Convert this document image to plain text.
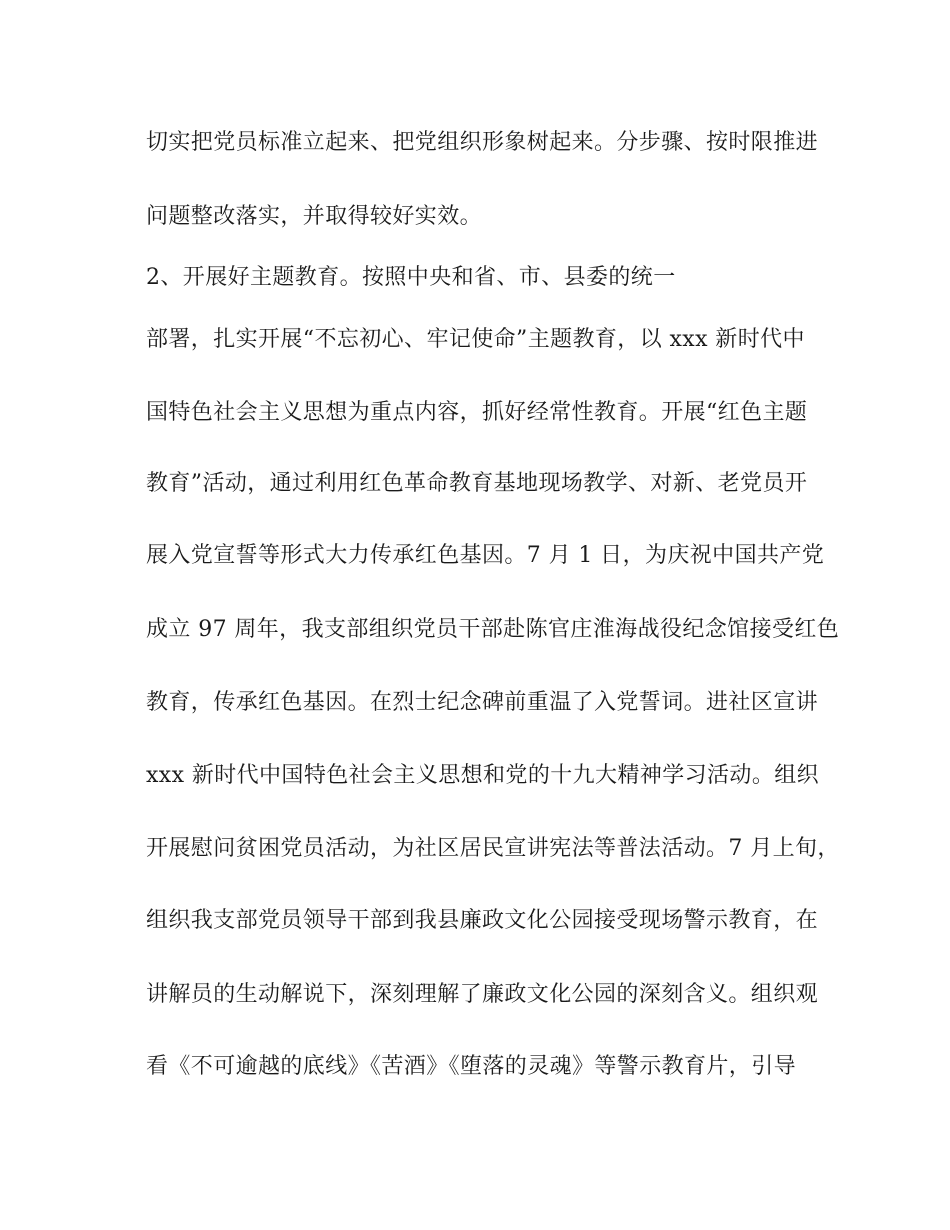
切实把党员标准立起来、把党组织形象树起来。分步骤、按时限推进

问题整改落实，并取得较好实效。

2、开展好主题教育。按照中央和省、市、县委的统一

部署，扎实开展“不忘初心、牢记使命”主题教育，以 xxx 新时代中

国特色社会主义思想为重点内容，抓好经常性教育。开展“红色主题

教育”活动，通过利用红色革命教育基地现场教学、对新、老党员开

展入党宣誓等形式大力传承红色基因。7 月 1 日，为庆祝中国共产党

成立 97 周年，我支部组织党员干部赴陈官庄淮海战役纪念馆接受红色

教育，传承红色基因。在烈士纪念碑前重温了入党誓词。进社区宣讲

xxx 新时代中国特色社会主义思想和党的十九大精神学习活动。组织

开展慰问贫困党员活动，为社区居民宣讲宪法等普法活动。7 月上旬，

组织我支部党员领导干部到我县廉政文化公园接受现场警示教育，在

讲解员的生动解说下，深刻理解了廉政文化公园的深刻含义。组织观

看《不可逾越的底线》《苦酒》《堕落的灵魂》等警示教育片，引导
